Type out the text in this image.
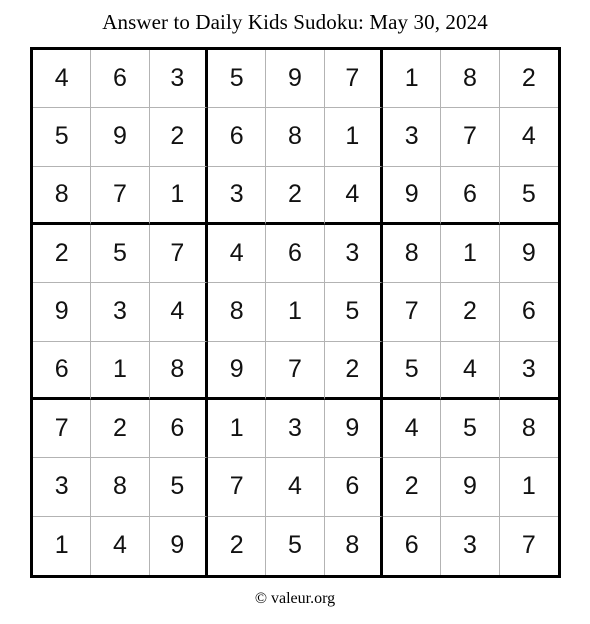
Answer to Daily Kids Sudoku: May 30, 2024
4	6	3	5	9	7	1	8	2
5	9	2	6	8	1	3	7	4
8	7	1	3	2	4	9	6	5
2	5	7	4	6	3	8	1	9
9	3	4	8	1	5	7	2	6
6	1	8	9	7	2	5	4	3
7	2	6	1	3	9	4	5	8
3	8	5	7	4	6	2	9	1
1	4	9	2	5	8	6	3	7
© valeur.org
